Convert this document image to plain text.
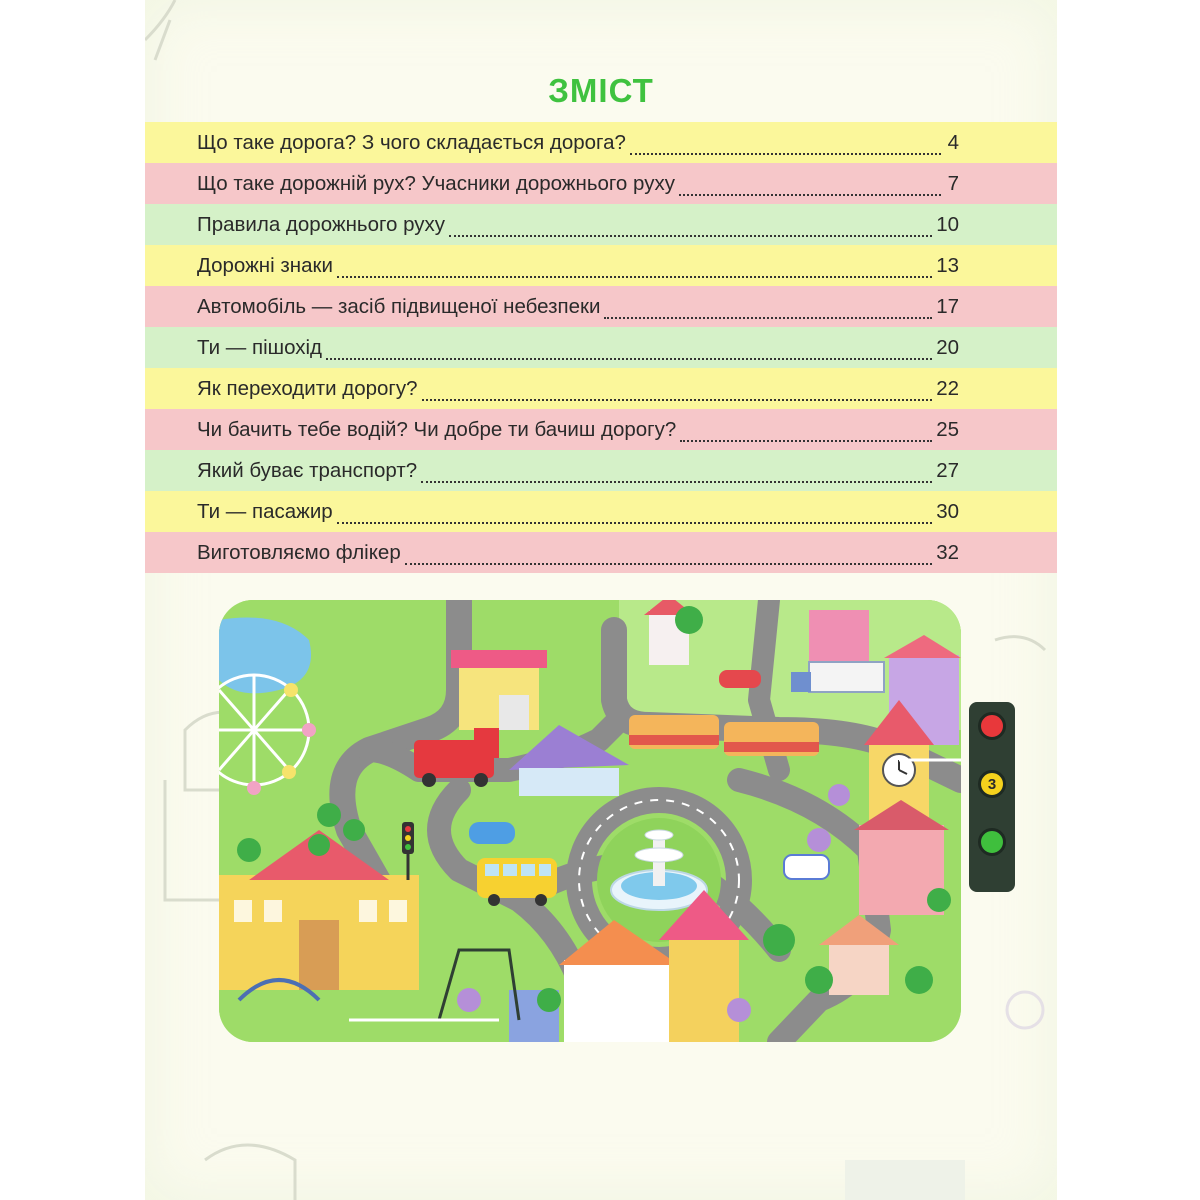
ЗМІСТ
Що таке дорога? З чого складається дорога?	4
Що таке дорожній рух? Учасники дорожнього руху	7
Правила дорожнього руху	10
Дорожні знаки	13
Автомобіль — засіб підвищеної небезпеки	17
Ти — пішохід	20
Як переходити дорогу?	22
Чи бачить тебе водій? Чи добре ти бачиш дорогу?	25
Який буває транспорт?	27
Ти — пасажир	30
Виготовляємо флікер	32
3
